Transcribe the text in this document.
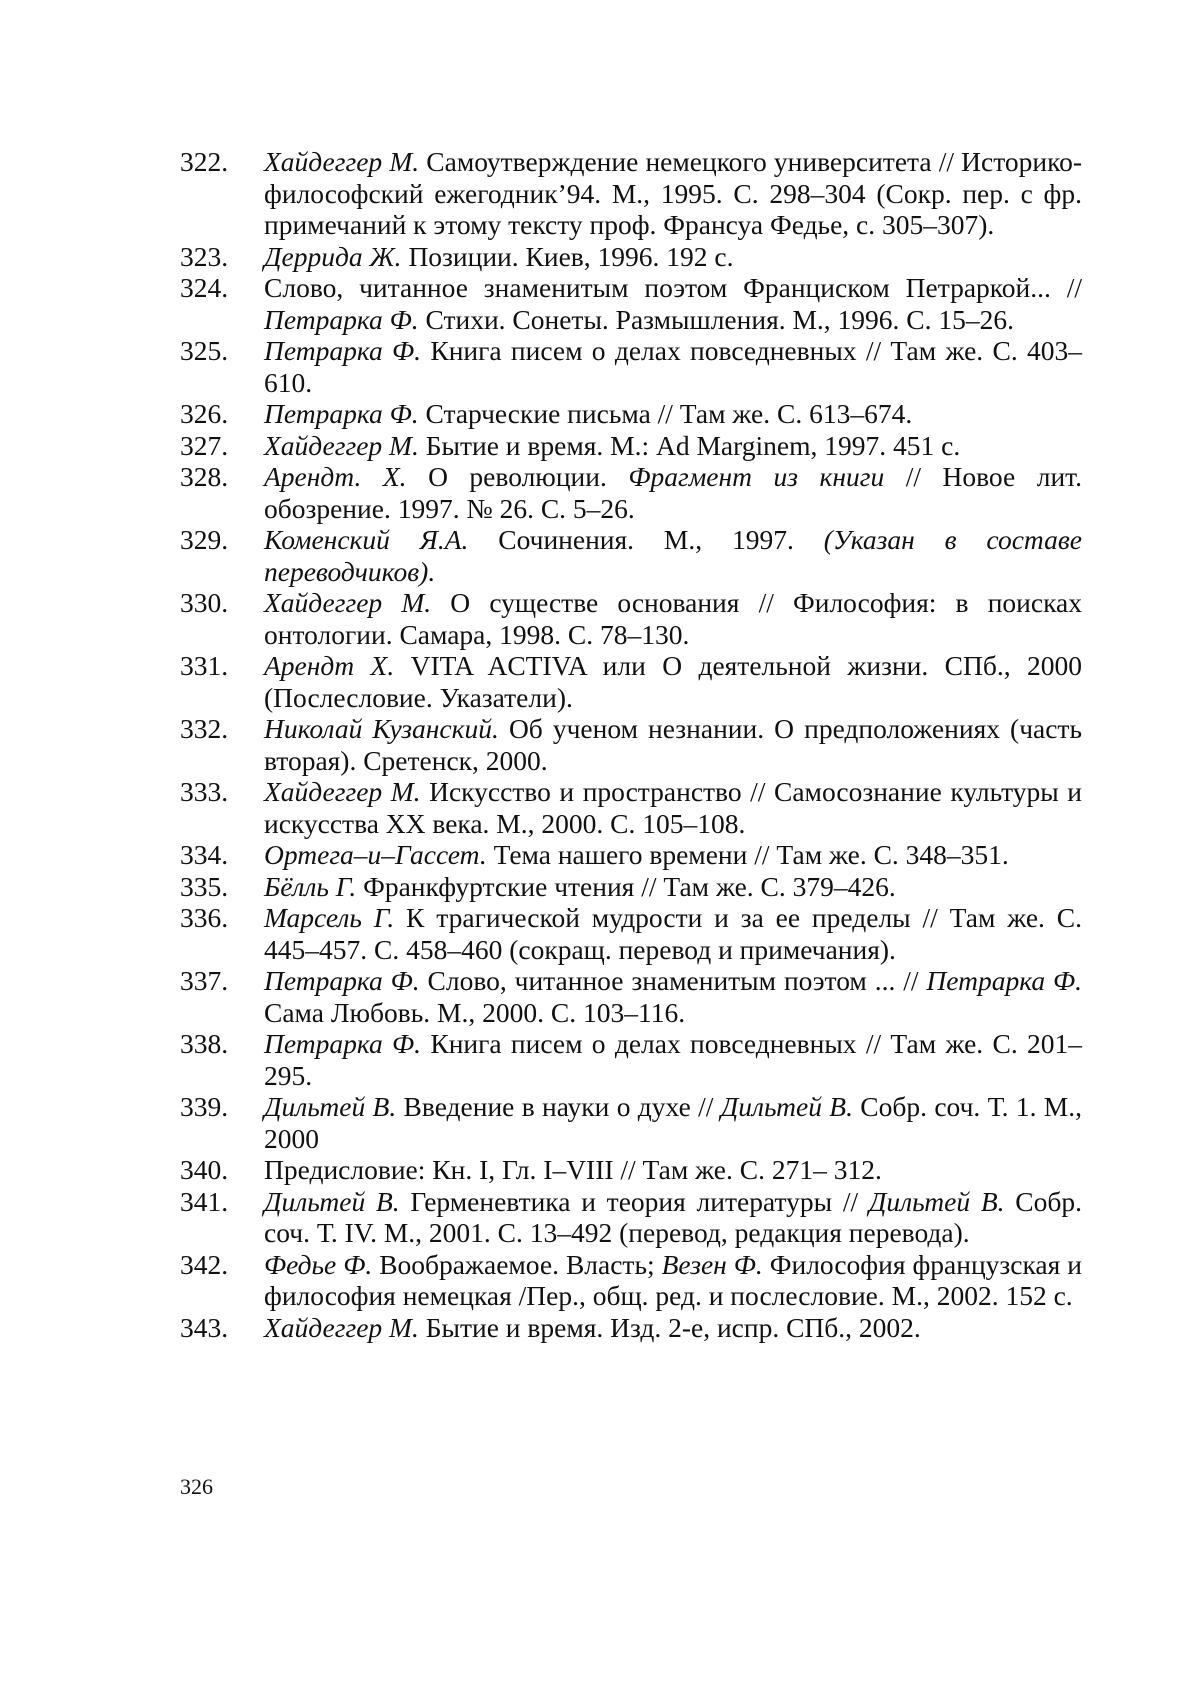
322.	Хайдеггер М. Самоутверждение немецкого университета // Историко-философский ежегодник’94. М., 1995. С. 298–304 (Сокр. пер. с фр. примечаний к этому тексту проф. Франсуа Федье, с. 305–307).
323.	Деррида Ж. Позиции. Киев, 1996. 192 с.
324.	Слово, читанное знаменитым поэтом Франциском Петраркой... // Петрарка Ф. Стихи. Сонеты. Размышления. М., 1996. С. 15–26.
325.	Петрарка Ф. Книга писем о делах повседневных // Там же. С. 403–610.
326.	Петрарка Ф. Старческие письма // Там же. С. 613–674.
327.	Хайдеггер М. Бытие и время. М.: Ad Marginem, 1997. 451 с.
328.	Арендт. Х. О революции. Фрагмент из книги // Новое лит. обозрение. 1997. № 26. С. 5–26.
329.	Коменский Я.А. Сочинения. М., 1997. (Указан в составе переводчиков).
330.	Хайдеггер М. О существе основания // Философия: в поисках онтологии. Самара, 1998. С. 78–130.
331.	Арендт Х. VITA ACTIVA или О деятельной жизни. СПб., 2000 (Послесловие. Указатели).
332.	Николай Кузанский. Об ученом незнании. О предположениях (часть вторая). Сретенск, 2000.
333.	Хайдеггер М. Искусство и пространство // Самосознание культуры и искусства ХХ века. М., 2000. С. 105–108.
334.	Ортега–и–Гассет. Тема нашего времени // Там же. С. 348–351.
335.	Бёлль Г. Франкфуртские чтения // Там же. С. 379–426.
336.	Марсель Г. К трагической мудрости и за ее пределы // Там же. С. 445–457. С. 458–460 (сокращ. перевод и примечания).
337.	Петрарка Ф. Слово, читанное знаменитым поэтом ... // Петрарка Ф. Сама Любовь. М., 2000. С. 103–116.
338.	Петрарка Ф. Книга писем о делах повседневных // Там же. С. 201–295.
339.	Дильтей В. Введение в науки о духе // Дильтей В. Собр. соч. Т. 1. М., 2000
340.	Предисловие: Кн. I, Гл. I–VIII // Там же. С. 271– 312.
341.	Дильтей В. Герменевтика и теория литературы // Дильтей В. Собр. соч. Т. IV. М., 2001. С. 13–492 (перевод, редакция перевода).
342.	Федье Ф. Воображаемое. Власть; Везен Ф. Философия французская и философия немецкая /Пер., общ. ред. и послесловие. М., 2002. 152 с.
343.	Хайдеггер М. Бытие и время. Изд. 2-е, испр. СПб., 2002.
326
